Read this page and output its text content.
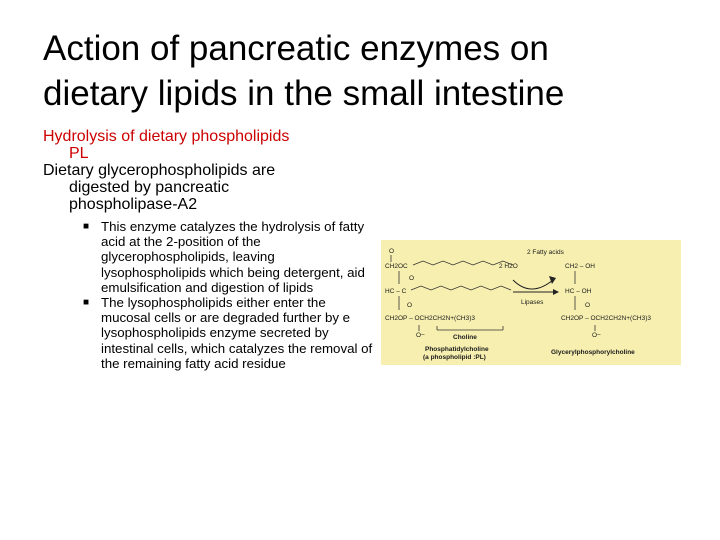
Action of pancreatic enzymes on
dietary lipids in the small intestine
Hydrolysis of dietary phospholipids
PL
Dietary glycerophospholipids are
digested by pancreatic
phospholipase-A2
■ This enzyme catalyzes the hydrolysis of fatty acid at the 2-position of the glycerophospholipids, leaving lysophospholipids which being detergent, aid emulsification and digestion of lipids
■ The lysophospholipids either enter the mucosal cells or are degraded further by e lysophospholipids enzyme secreted by intestinal cells, which catalyzes the removal of the remaining fatty acid residue
O
CH2OC
O
HC – C
O
CH2OP – OCH2CH2N+(CH3)3
O−	Choline
Phosphatidylcholine
(a phospholipid :PL)
2 H2O
2 Fatty acids
Lipases
CH2 – OH
HC – OH
O
CH2OP – OCH2CH2N+(CH3)3
O−
Glycerylphosphorylcholine
